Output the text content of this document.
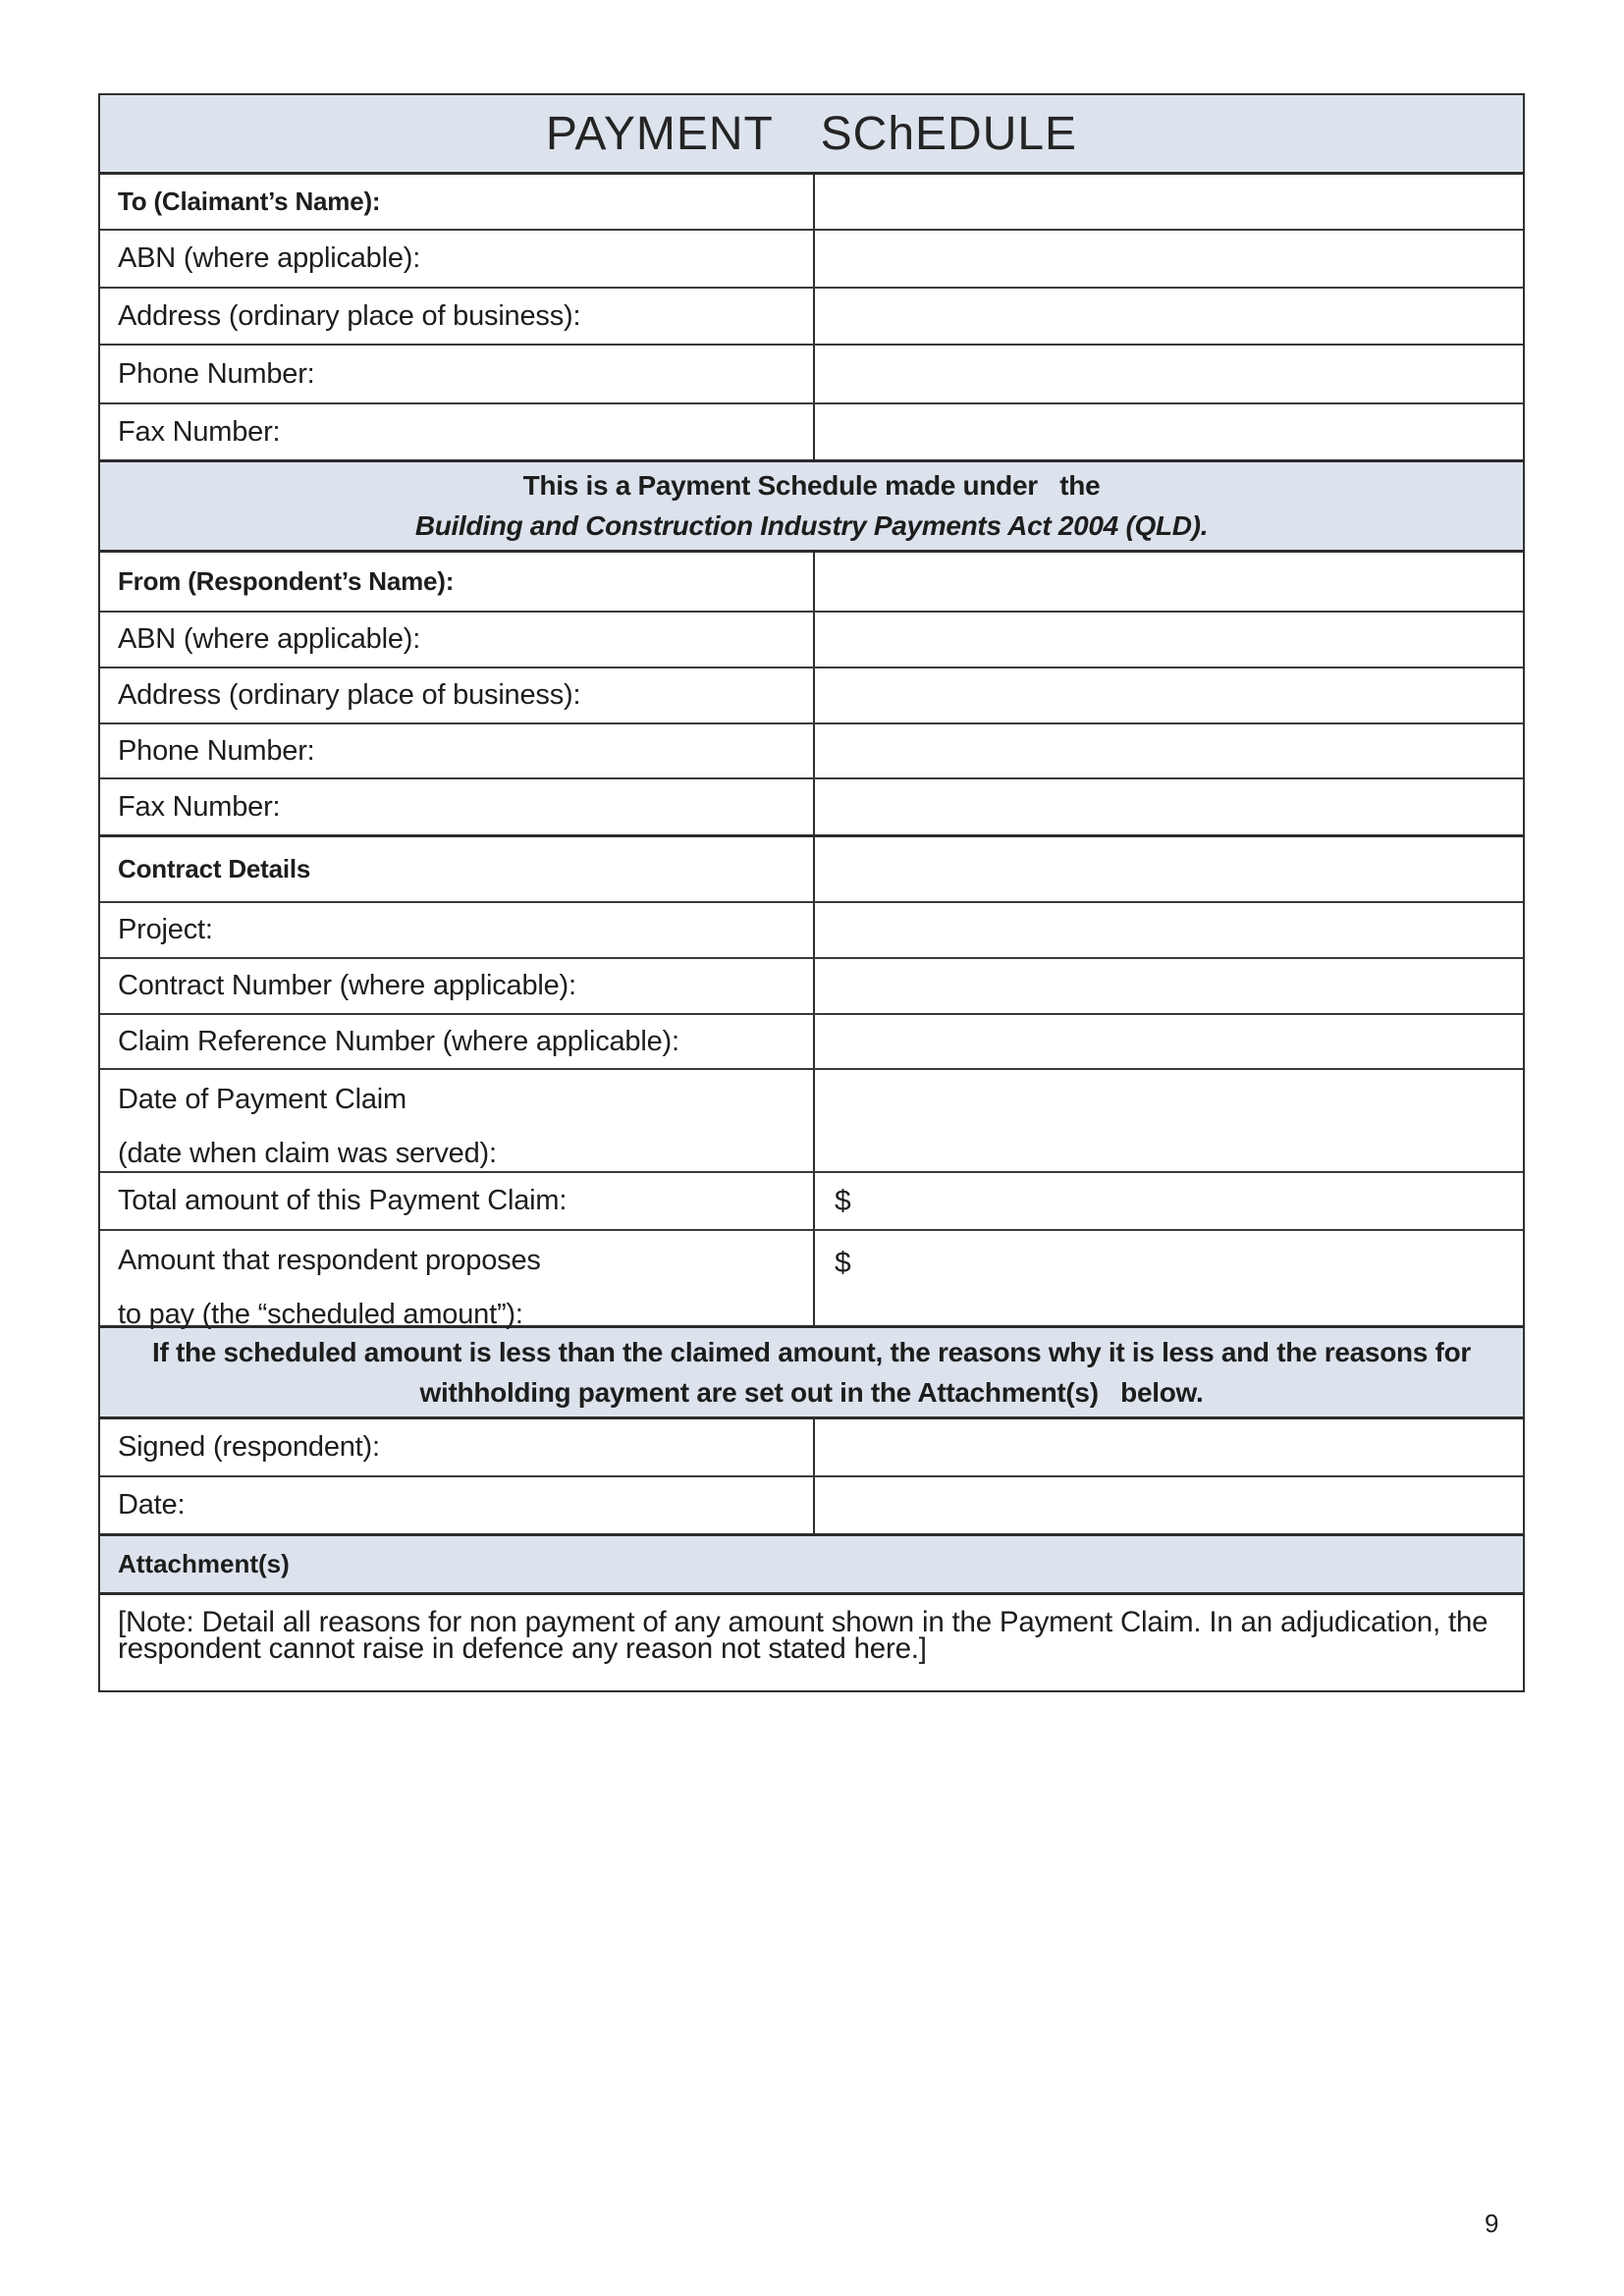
PAYMENT  SChEDULE
To (Claimant’s Name):
ABN (where applicable):
Address (ordinary place of business):
Phone Number:
Fax Number:
This is a Payment Schedule made under   the
Building and Construction Industry Payments Act 2004 (QLD).
From (Respondent’s Name):
ABN (where applicable):
Address (ordinary place of business):
Phone Number:
Fax Number:
Contract Details
Project:
Contract Number (where applicable):
Claim Reference Number (where applicable):
Date of Payment Claim
(date when claim was served):
Total amount of this Payment Claim:	$
Amount that respondent proposes
to pay (the “scheduled amount”):
$
If the scheduled amount is less than the claimed amount, the reasons why it is less and the reasons for
withholding payment are set out in the Attachment(s)   below.
Signed (respondent):
Date:
Attachment(s)
[Note: Detail all reasons for non payment of any amount shown in the Payment Claim. In an adjudication, the respondent cannot raise in defence any reason not stated here.]
9
